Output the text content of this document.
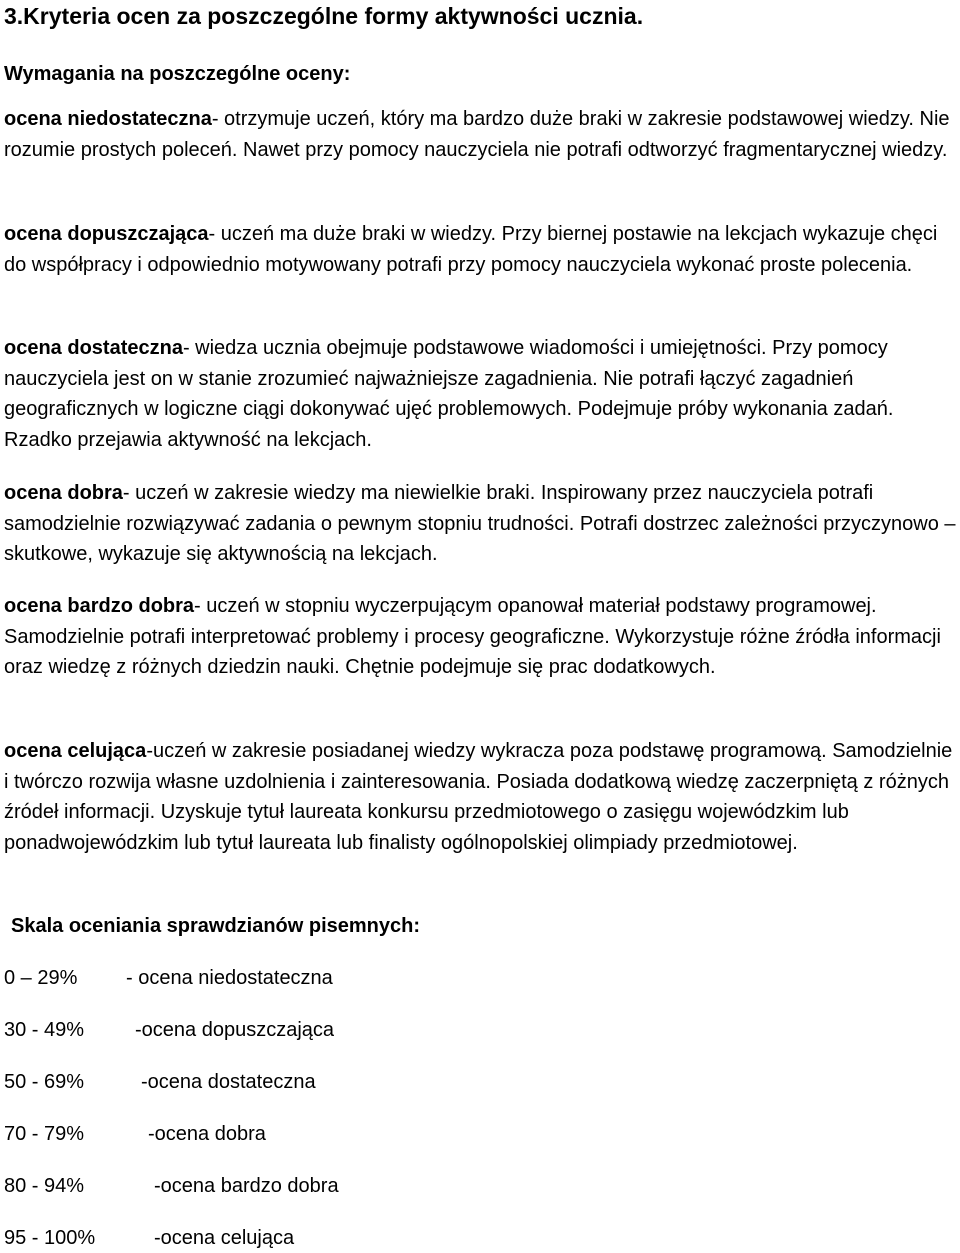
3.Kryteria ocen za poszczególne formy aktywności ucznia.
Wymagania na poszczególne oceny:
ocena niedostateczna- otrzymuje uczeń, który ma bardzo duże braki w zakresie podstawowej wiedzy. Nie rozumie prostych poleceń. Nawet przy pomocy nauczyciela nie potrafi odtworzyć fragmentarycznej wiedzy.
ocena dopuszczająca- uczeń ma duże braki w wiedzy. Przy biernej postawie na lekcjach wykazuje chęci do współpracy i odpowiednio motywowany potrafi przy pomocy nauczyciela wykonać proste polecenia.
ocena dostateczna- wiedza ucznia obejmuje podstawowe wiadomości i umiejętności. Przy pomocy nauczyciela jest on w stanie zrozumieć najważniejsze zagadnienia. Nie potrafi łączyć zagadnień geograficznych w logiczne ciągi dokonywać ujęć problemowych. Podejmuje próby wykonania zadań. Rzadko przejawia aktywność na lekcjach.
ocena dobra- uczeń w zakresie wiedzy ma niewielkie braki. Inspirowany przez nauczyciela potrafi samodzielnie rozwiązywać zadania o pewnym stopniu trudności. Potrafi dostrzec zależności przyczynowo –skutkowe, wykazuje się aktywnością na lekcjach.
ocena bardzo dobra- uczeń w stopniu wyczerpującym opanował materiał podstawy programowej. Samodzielnie potrafi interpretować problemy i procesy geograficzne. Wykorzystuje różne źródła informacji oraz wiedzę z różnych dziedzin nauki. Chętnie podejmuje się prac dodatkowych.
ocena celująca-uczeń w zakresie posiadanej wiedzy wykracza poza podstawę programową. Samodzielnie i twórczo rozwija własne uzdolnienia i zainteresowania. Posiada dodatkową wiedzę zaczerpniętą z różnych źródeł informacji. Uzyskuje tytuł laureata konkursu przedmiotowego o zasięgu wojewódzkim lub ponadwojewódzkim lub tytuł laureata lub finalisty ogólnopolskiej olimpiady przedmiotowej.
Skala oceniania sprawdzianów pisemnych:
0 – 29% - ocena niedostateczna
30 - 49%	-ocena dopuszczająca
50 - 69%	-ocena dostateczna
70 - 79%	-ocena dobra
80 - 94%	-ocena bardzo dobra
95 - 100%	-ocena celująca
